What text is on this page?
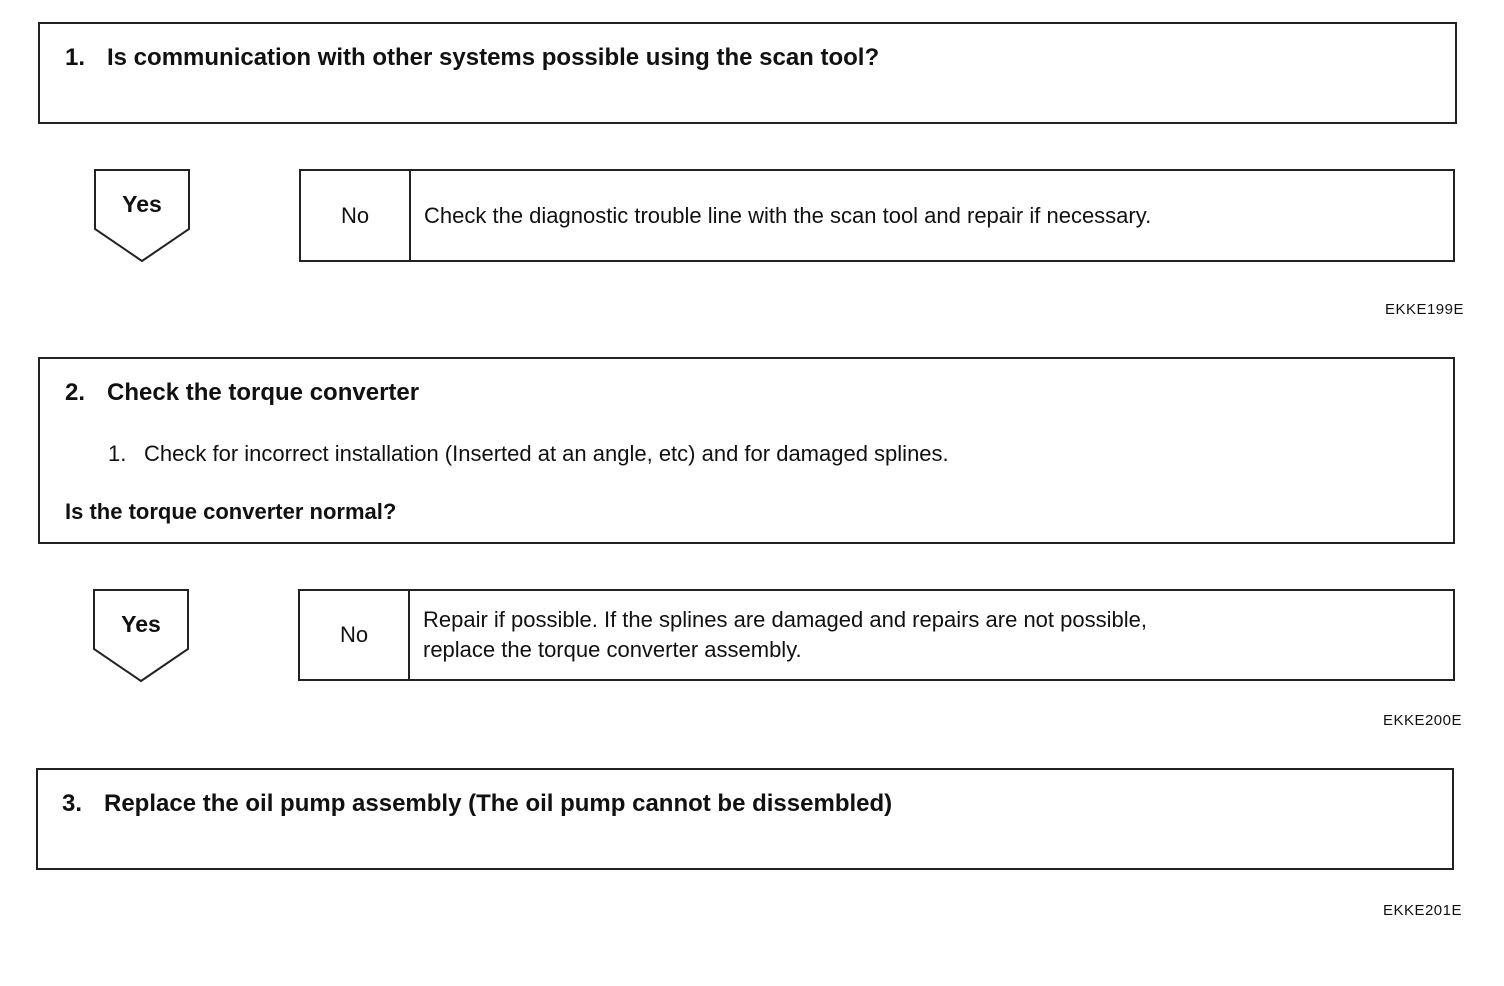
1. Is communication with other systems possible using the scan tool?
Yes	No	Check the diagnostic trouble line with the scan tool and repair if necessary.
EKKE199E
2. Check the torque converter
1. Check for incorrect installation (Inserted at an angle, etc) and for damaged splines.
Is the torque converter normal?
Yes	No
Repair if possible. If the splines are damaged and repairs are not possible,
replace the torque converter assembly.
EKKE200E
3. Replace the oil pump assembly (The oil pump cannot be dissembled)
EKKE201E
